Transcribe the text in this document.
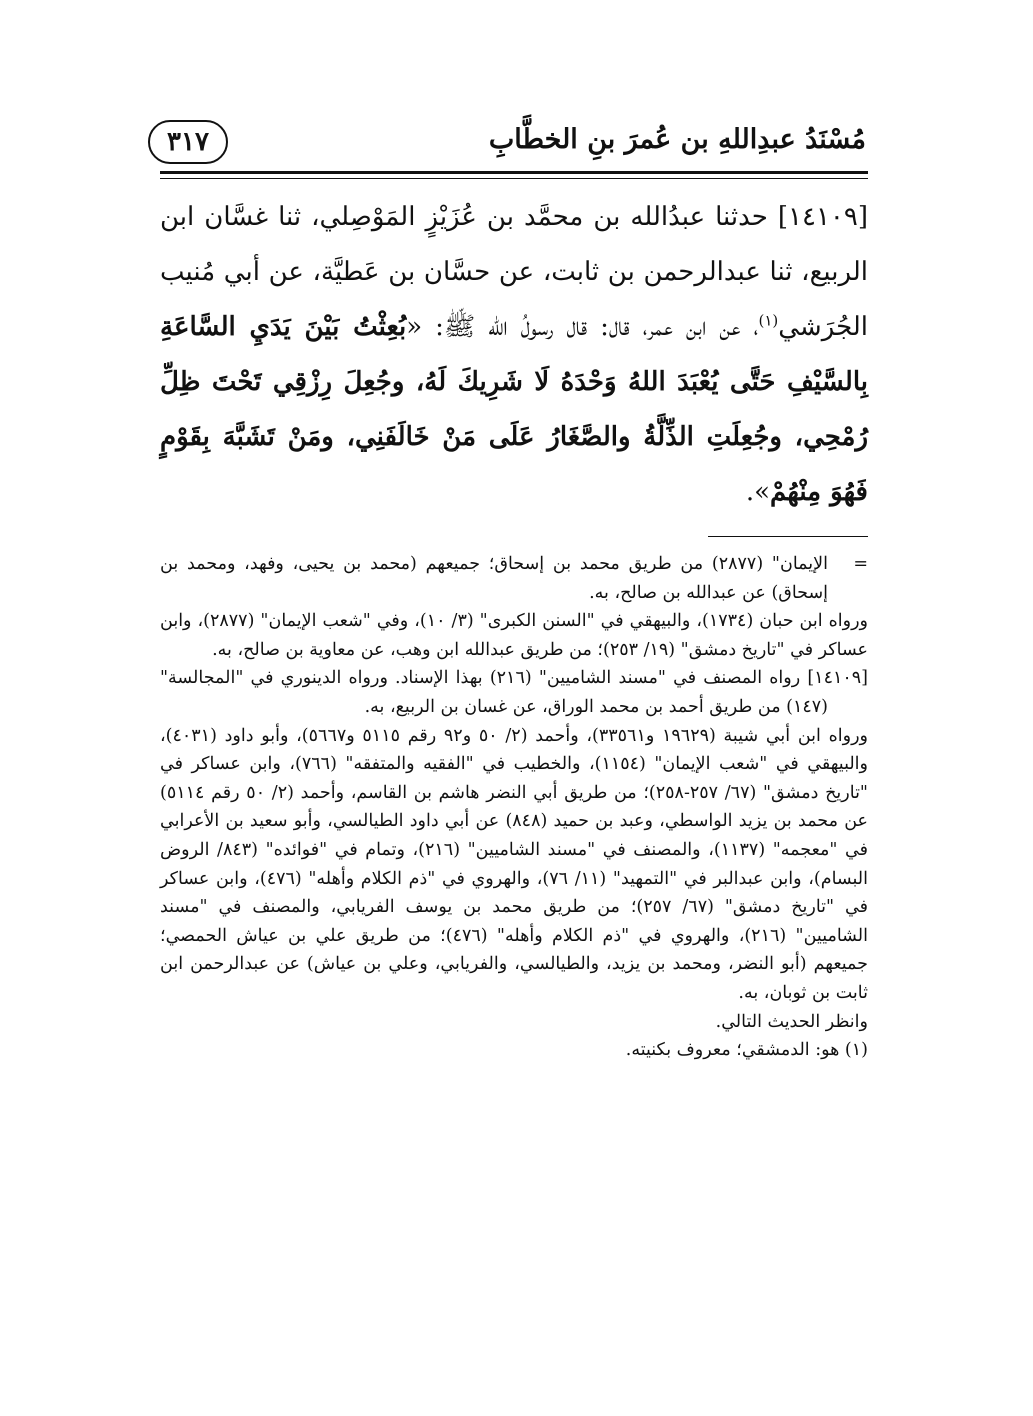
مُسْنَدُ عبدِاللهِ بن عُمرَ بنِ الخطَّابِ
٣١٧

[١٤١٠٩] حدثنا عبدُالله بن محمَّد بن عُزَيْزٍ المَوْصِلي، ثنا غسَّان ابن الربيع، ثنا عبدالرحمن بن ثابت، عن حسَّان بن عَطيَّة، عن أبي مُنيب الجُرَشي$^{(١)}$، عن ابن عمر، قال: قال رسولُ الله ﷺ: «بُعِثْتُ بَيْنَ يَدَيِ السَّاعَةِ بِالسَّيْفِ حَتَّى يُعْبَدَ اللهُ وَحْدَهُ لَا شَرِيكَ لَهُ، وجُعِلَ رِزْقِي تَحْتَ ظِلِّ رُمْحِي، وجُعِلَتِ الذِّلَّةُ والصَّغَارُ عَلَى مَنْ خَالَفَنِي، ومَنْ تَشَبَّهَ بِقَوْمٍ فَهُوَ مِنْهُمْ».

=الإيمان" (٢٨٧٧) من طريق محمد بن إسحاق؛ جميعهم (محمد بن يحيى، وفهد، ومحمد بن إسحاق) عن عبدالله بن صالح، به.

ورواه ابن حبان (١٧٣٤)، والبيهقي في "السنن الكبرى" (٣/ ١٠)، وفي "شعب الإيمان" (٢٨٧٧)، وابن عساكر في "تاريخ دمشق" (١٩/ ٢٥٣)؛ من طريق عبدالله ابن وهب، عن معاوية بن صالح، به.

[١٤١٠٩] رواه المصنف في "مسند الشاميين" (٢١٦) بهذا الإسناد. ورواه الدينوري في "المجالسة" (١٤٧) من طريق أحمد بن محمد الوراق، عن غسان بن الربيع، به.

ورواه ابن أبي شيبة (١٩٦٢٩ و٣٣٥٦١)، وأحمد (٢/ ٥٠ و٩٢ رقم ٥١١٥ و٥٦٦٧)، وأبو داود (٤٠٣١)، والبيهقي في "شعب الإيمان" (١١٥٤)، والخطيب في "الفقيه والمتفقه" (٧٦٦)، وابن عساكر في "تاريخ دمشق" (٦٧/ ٢٥٧-٢٥٨)؛ من طريق أبي النضر هاشم بن القاسم، وأحمد (٢/ ٥٠ رقم ٥١١٤) عن محمد بن يزيد الواسطي، وعبد بن حميد (٨٤٨) عن أبي داود الطيالسي، وأبو سعيد بن الأعرابي في "معجمه" (١١٣٧)، والمصنف في "مسند الشاميين" (٢١٦)، وتمام في "فوائده" (٨٤٣/ الروض البسام)، وابن عبدالبر في "التمهيد" (١١/ ٧٦)، والهروي في "ذم الكلام وأهله" (٤٧٦)، وابن عساكر في "تاريخ دمشق" (٦٧/ ٢٥٧)؛ من طريق محمد بن يوسف الفريابي، والمصنف في "مسند الشاميين" (٢١٦)، والهروي في "ذم الكلام وأهله" (٤٧٦)؛ من طريق علي بن عياش الحمصي؛ جميعهم (أبو النضر، ومحمد بن يزيد، والطيالسي، والفريابي، وعلي بن عياش) عن عبدالرحمن ابن ثابت بن ثوبان، به.

وانظر الحديث التالي.

(١) هو: الدمشقي؛ معروف بكنيته.
